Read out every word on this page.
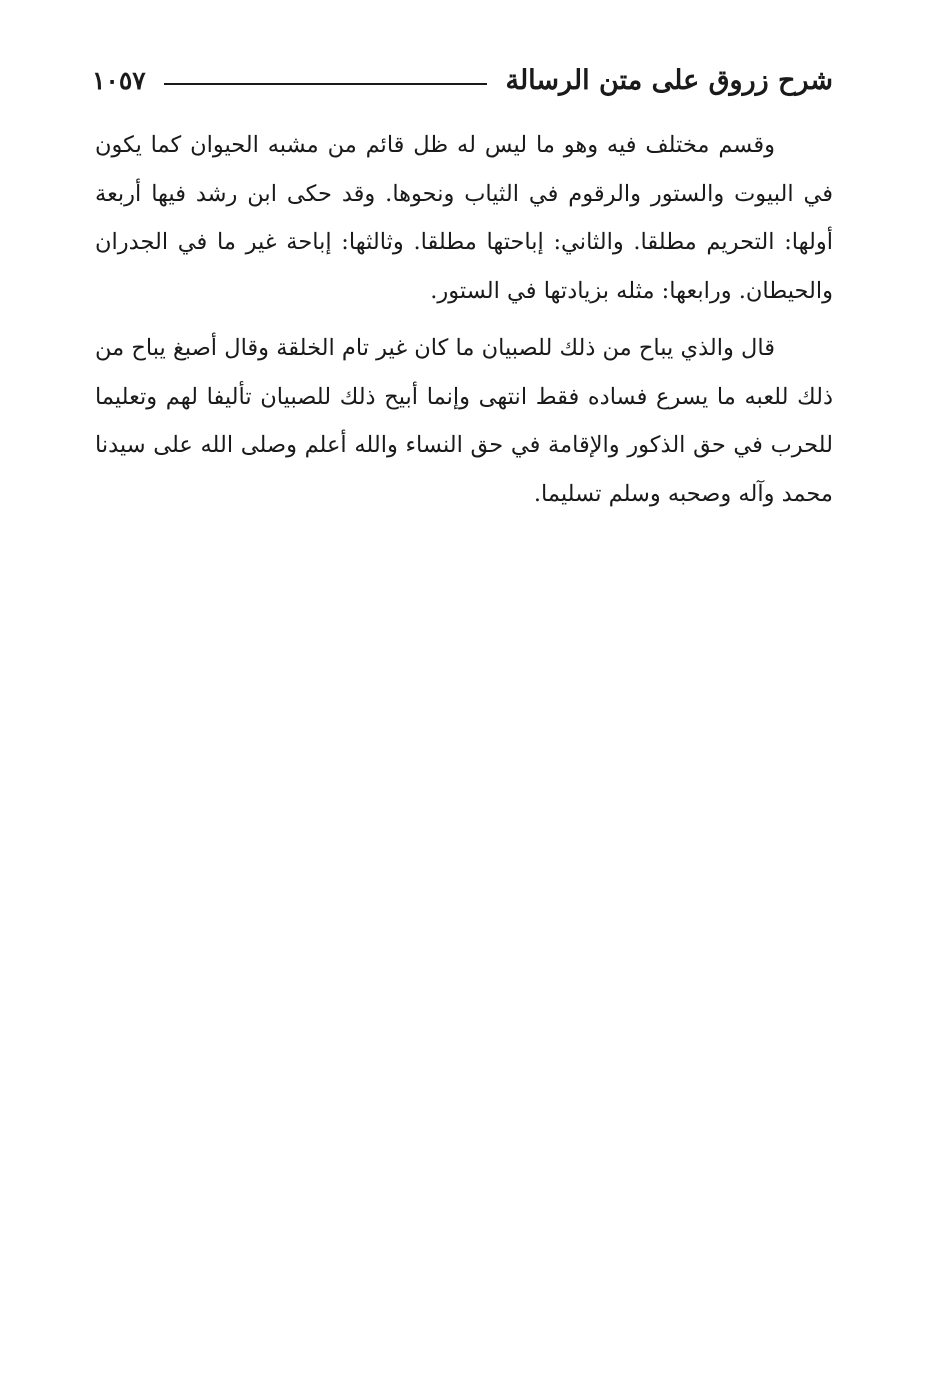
شرح زروق على متن الرسالة
١٠٥٧

وقسم مختلف فيه وهو ما ليس له ظل قائم من مشبه الحيوان كما يكون في البيوت والستور والرقوم في الثياب ونحوها. وقد حكى ابن رشد فيها أربعة أولها: التحريم مطلقا. والثاني: إباحتها مطلقا. وثالثها: إباحة غير ما في الجدران والحيطان. ورابعها: مثله بزيادتها في الستور.

قال والذي يباح من ذلك للصبيان ما كان غير تام الخلقة وقال أصبغ يباح من ذلك للعبه ما يسرع فساده فقط انتهى وإنما أبيح ذلك للصبيان تأليفا لهم وتعليما للحرب في حق الذكور والإقامة في حق النساء والله أعلم وصلى الله على سيدنا محمد وآله وصحبه وسلم تسليما.
